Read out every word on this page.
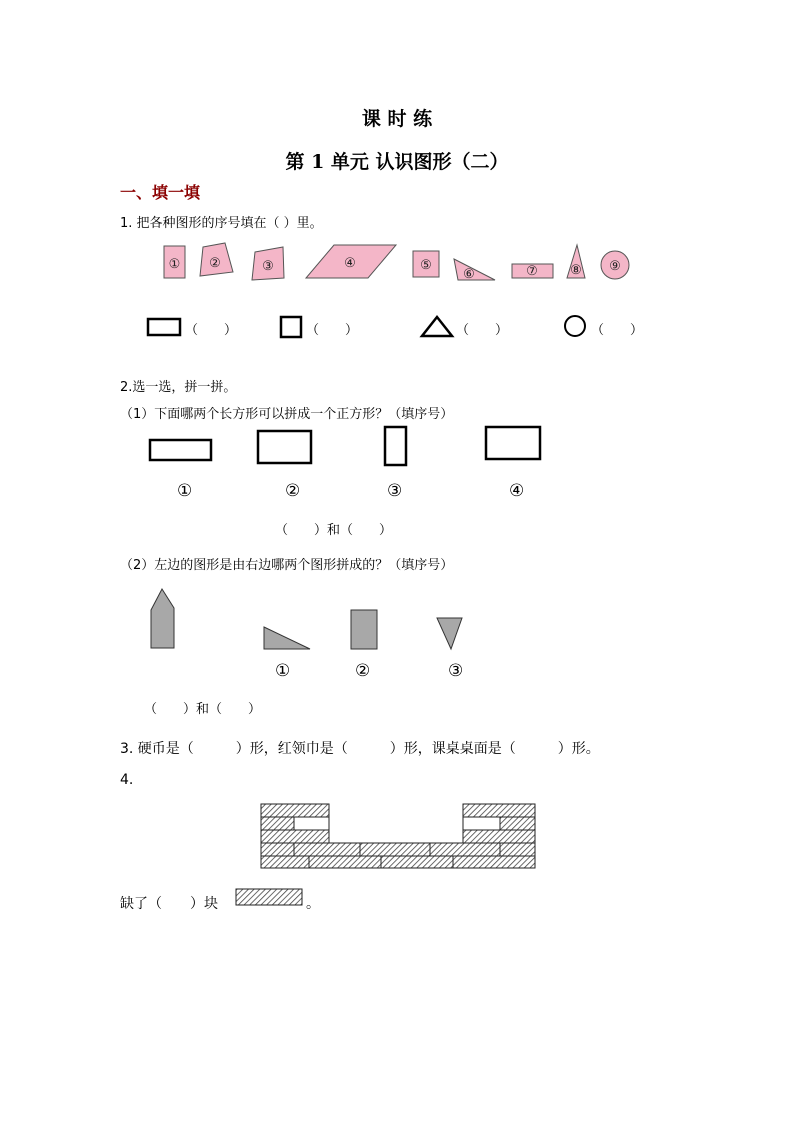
课 时 练
第 1 单元 认识图形（二）
一、填一填
1. 把各种图形的序号填在（ ）里。
① ②	③	④	⑤
⑥	⑦ ⑧ ⑨
（　　）	（　　）	（　　）	（　　）
2.选一选，拼一拼。
（1）下面哪两个长方形可以拼成一个正方形？（填序号）
①	②	③	④
（　　）和（　　）
（2）左边的图形是由右边哪两个图形拼成的？（填序号）
①	②	③
（　　）和（　　）
3. 硬币是（　　　）形，红领巾是（　　　）形，课桌桌面是（　　　）形。
4.
缺了（　　）块	。
